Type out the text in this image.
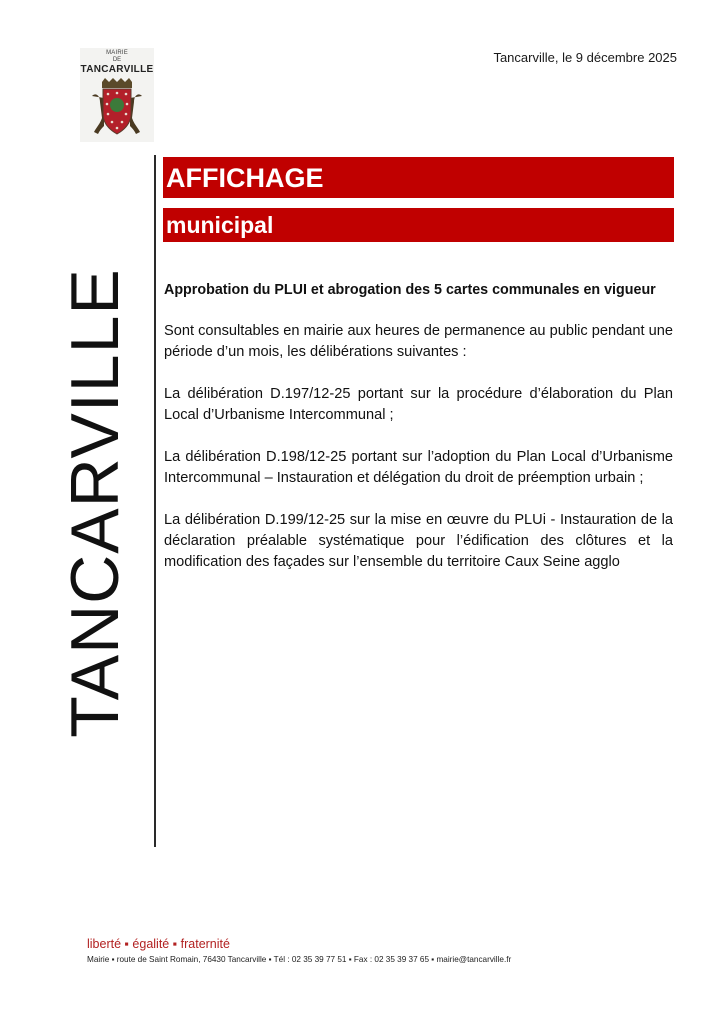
MAIRIE
DE
TANCARVILLE
Tancarville, le 9 décembre 2025
TANCARVILLE
AFFICHAGE
municipal
Approbation du PLUI et abrogation des 5 cartes communales en vigueur

Sont consultables en mairie aux heures de permanence au public pendant une période d’un mois, les délibérations suivantes :

La délibération D.197/12-25 portant sur la procédure d’élaboration du Plan Local d’Urbanisme Intercommunal ;

La délibération D.198/12-25 portant sur l’adoption du Plan Local d’Urbanisme Intercommunal – Instauration et délégation du droit de préemption urbain ;

La délibération D.199/12-25 sur la mise en œuvre du PLUi - Instauration de la déclaration préalable systématique pour l’édification des clôtures et la modification des façades sur l’ensemble du territoire Caux Seine agglo

liberté ▪ égalité ▪ fraternité
Mairie ▪ route de Saint Romain, 76430 Tancarville ▪ Tél : 02 35 39 77 51 ▪ Fax : 02 35 39 37 65 ▪ mairie@tancarville.fr
